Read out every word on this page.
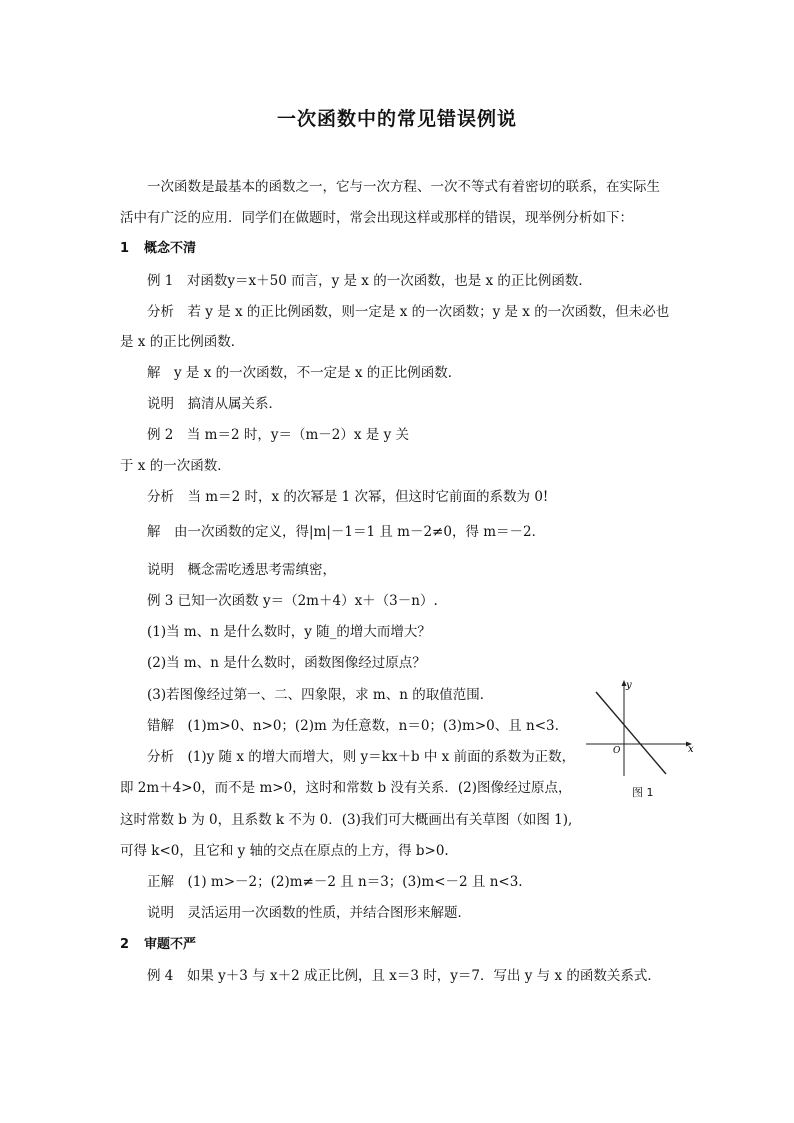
一次函数中的常见错误例说
一次函数是最基本的函数之一，它与一次方程、一次不等式有着密切的联系，在实际生
活中有广泛的应用．同学们在做题时，常会出现这样或那样的错误，现举例分析如下：
1 概念不清
例 1　对函数y＝x＋50 而言，y 是 x 的一次函数，也是 x 的正比例函数．
分析　若 y 是 x 的正比例函数，则一定是 x 的一次函数；y 是 x 的一次函数，但未必也
是 x 的正比例函数．
解　y 是 x 的一次函数，不一定是 x 的正比例函数．
说明　搞清从属关系．
例 2　当 m＝2 时，y＝（m－2）x 是 y 关
于 x 的一次函数．
分析　当 m＝2 时，x 的次幂是 1 次幂，但这时它前面的系数为 0!
解　由一次函数的定义，得|m|－1＝1 且 m－2≠0，得 m＝－2．
说明　概念需吃透思考需缜密，
例 3 已知一次函数 y＝（2m＋4）x＋（3－n）.
(1)当 m、n 是什么数时，y 随_的增大而增大？
(2)当 m、n 是什么数时，函数图像经过原点？
(3)若图像经过第一、二、四象限，求 m、n 的取值范围．
错解　(1)m>0、n>0；(2)m 为任意数，n＝0；(3)m>0、且 n<3.
分析　(1)y 随 x 的增大而增大，则 y＝kx＋b 中 x 前面的系数为正数，
即 2m＋4>0，而不是 m>0，这时和常数 b 没有关系．(2)图像经过原点，
这时常数 b 为 0，且系数 k 不为 0．(3)我们可大概画出有关草图（如图 1),
可得 k<0，且它和 y 轴的交点在原点的上方，得 b>0.
正解　(1) m>－2；(2)m≠－2 且 n＝3；(3)m<－2 且 n<3.
说明　灵活运用一次函数的性质，并结合图形来解题．
2 审题不严
例 4　如果 y＋3 与 x＋2 成正比例，且 x＝3 时，y＝7．写出 y 与 x 的函数关系式．
y
x
O
图 1
